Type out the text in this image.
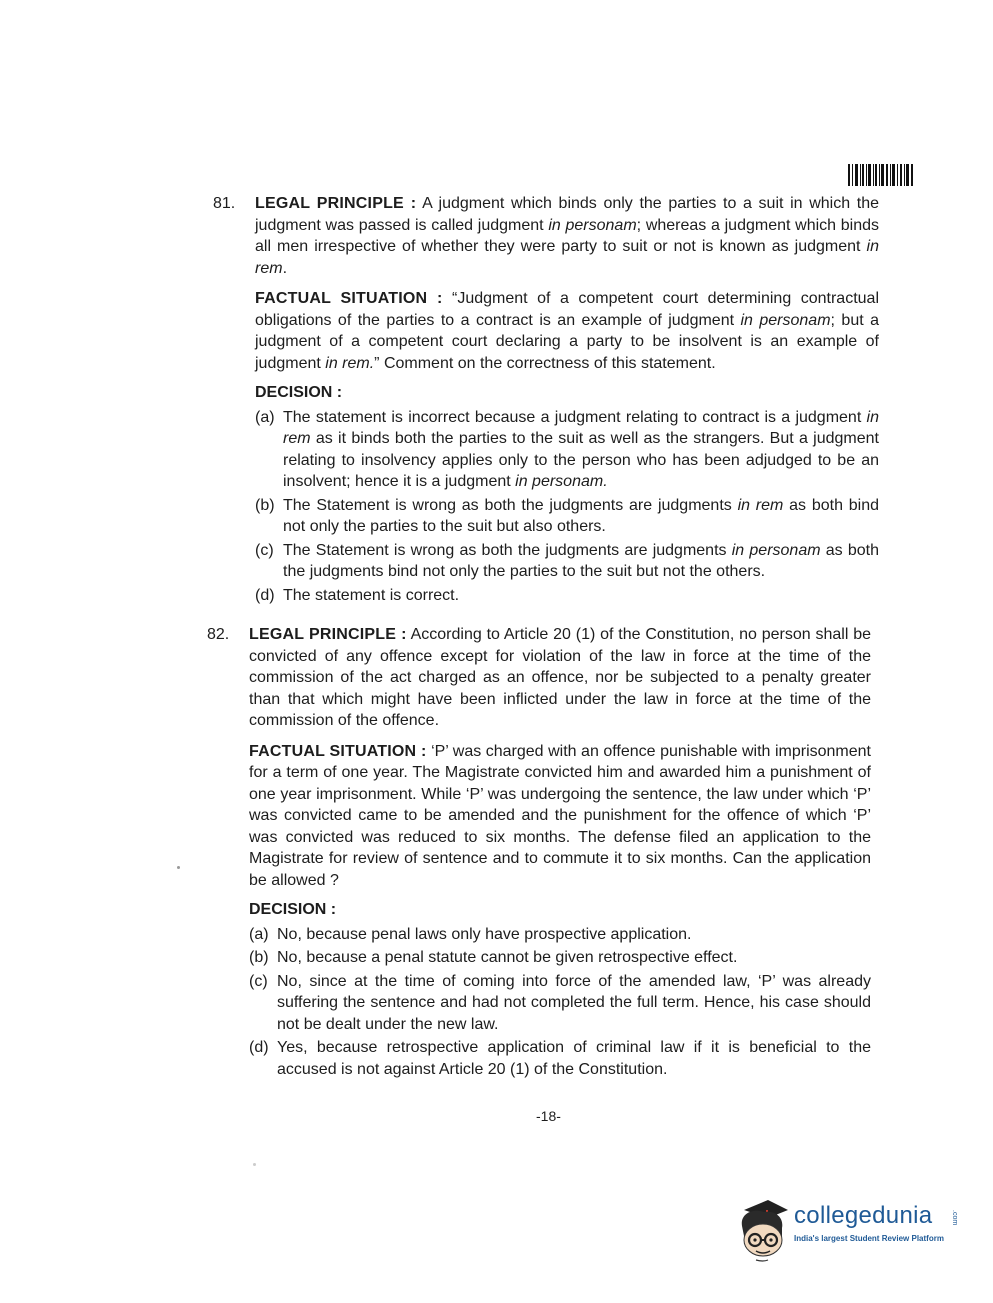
81. LEGAL PRINCIPLE : A judgment which binds only the parties to a suit in which the judgment was passed is called judgment in personam; whereas a judgment which binds all men irrespective of whether they were party to suit or not is known as judgment in rem.

FACTUAL SITUATION : “Judgment of a competent court determining contractual obligations of the parties to a contract is an example of judgment in personam; but a judgment of a competent court declaring a party to be insolvent is an example of judgment in rem.” Comment on the correctness of this statement.

DECISION :
(a) The statement is incorrect because a judgment relating to contract is a judgment in rem as it binds both the parties to the suit as well as the strangers. But a judgment relating to insolvency applies only to the person who has been adjudged to be an insolvent; hence it is a judgment in personam.
(b) The Statement is wrong as both the judgments are judgments in rem as both bind not only the parties to the suit but also others.
(c) The Statement is wrong as both the judgments are judgments in personam as both the judgments bind not only the parties to the suit but not the others.
(d) The statement is correct.
82. LEGAL PRINCIPLE : According to Article 20 (1) of the Constitution, no person shall be convicted of any offence except for violation of the law in force at the time of the commission of the act charged as an offence, nor be subjected to a penalty greater than that which might have been inflicted under the law in force at the time of the commission of the offence.

FACTUAL SITUATION : ‘P’ was charged with an offence punishable with imprisonment for a term of one year. The Magistrate convicted him and awarded him a punishment of one year imprisonment. While ‘P’ was undergoing the sentence, the law under which ‘P’ was convicted came to be amended and the punishment for the offence of which ‘P’ was convicted was reduced to six months. The defense filed an application to the Magistrate for review of sentence and to commute it to six months. Can the application be allowed ?

DECISION :
(a) No, because penal laws only have prospective application.
(b) No, because a penal statute cannot be given retrospective effect.
(c) No, since at the time of coming into force of the amended law, ‘P’ was already suffering the sentence and had not completed the full term. Hence, his case should not be dealt under the new law.
(d) Yes, because retrospective application of criminal law if it is beneficial to the accused is not against Article 20 (1) of the Constitution.
-18-
collegedunia	.com
India's largest Student Review Platform
